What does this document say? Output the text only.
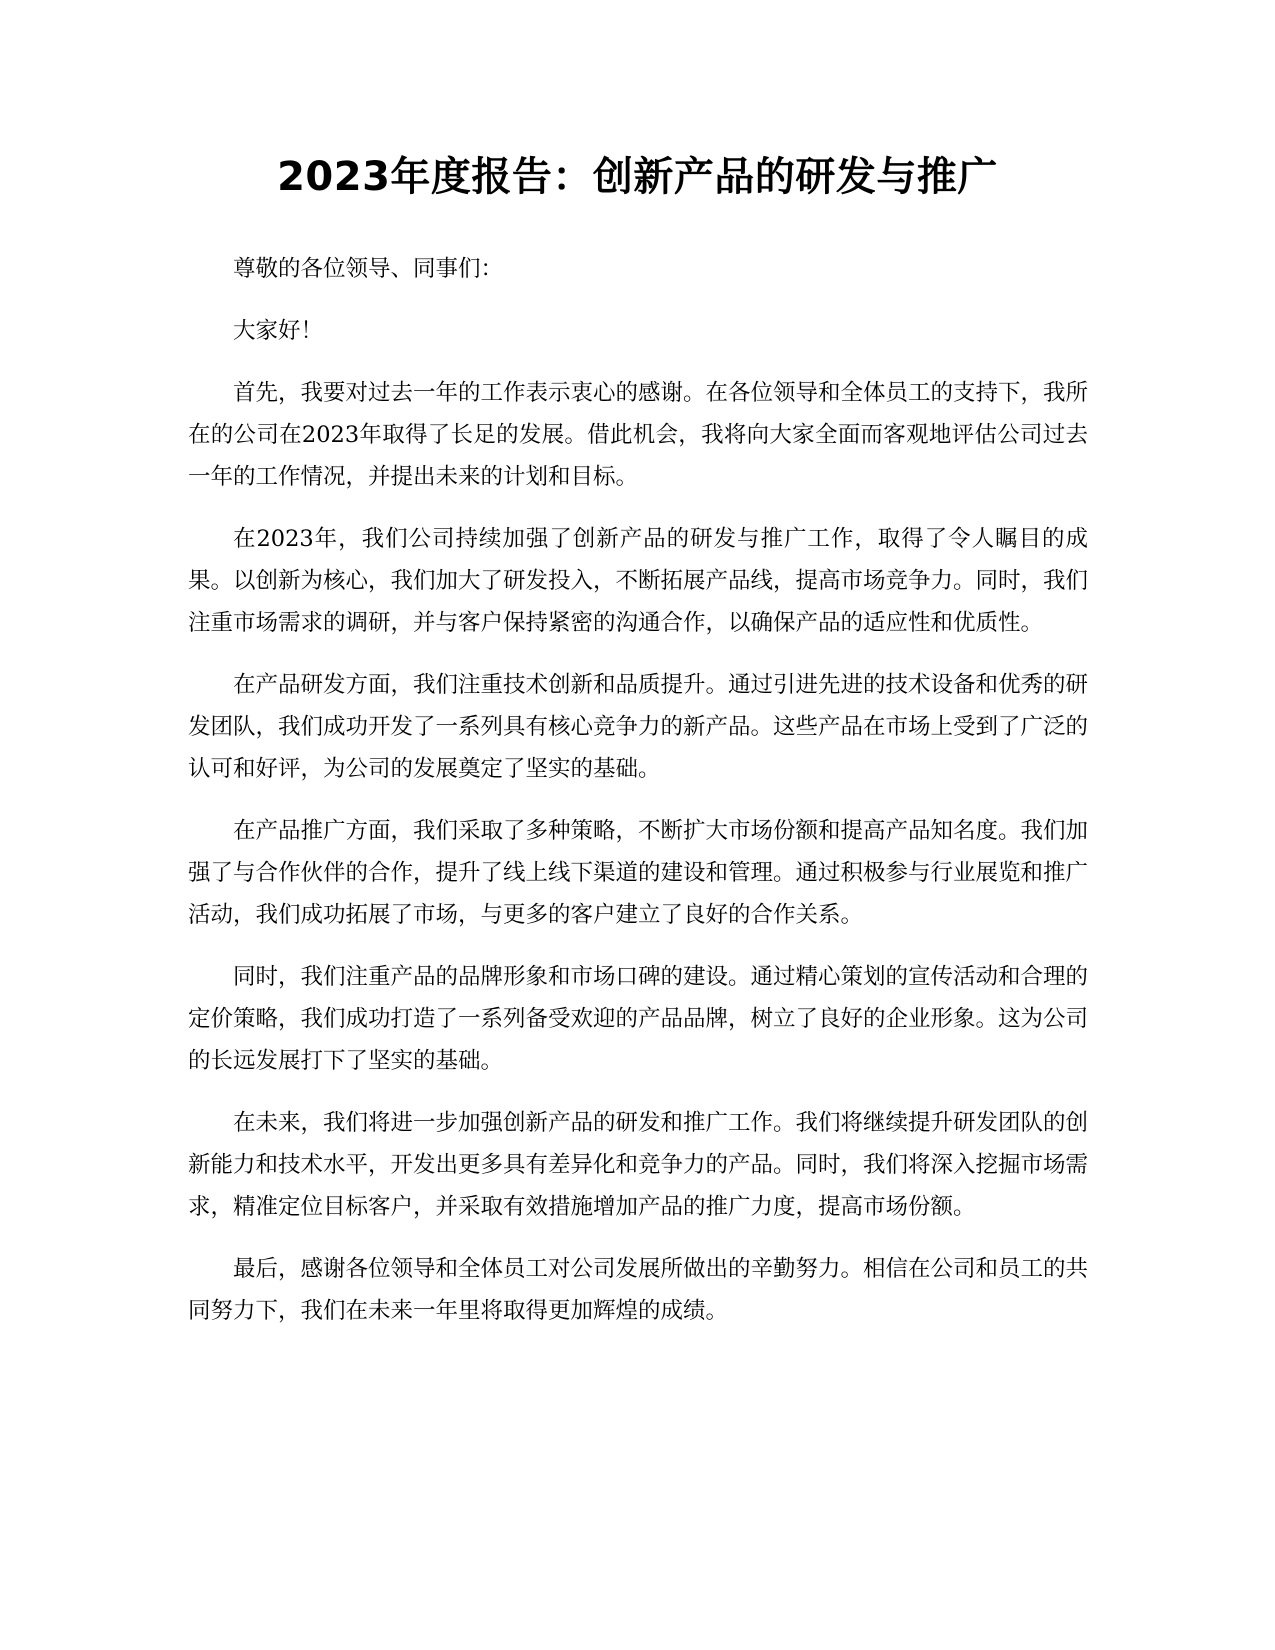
2023年度报告：创新产品的研发与推广

尊敬的各位领导、同事们：

大家好！

首先，我要对过去一年的工作表示衷心的感谢。在各位领导和全体员工的支持下，我所在的公司在2023年取得了长足的发展。借此机会，我将向大家全面而客观地评估公司过去一年的工作情况，并提出未来的计划和目标。

在2023年，我们公司持续加强了创新产品的研发与推广工作，取得了令人瞩目的成果。以创新为核心，我们加大了研发投入，不断拓展产品线，提高市场竞争力。同时，我们注重市场需求的调研，并与客户保持紧密的沟通合作，以确保产品的适应性和优质性。

在产品研发方面，我们注重技术创新和品质提升。通过引进先进的技术设备和优秀的研发团队，我们成功开发了一系列具有核心竞争力的新产品。这些产品在市场上受到了广泛的认可和好评，为公司的发展奠定了坚实的基础。

在产品推广方面，我们采取了多种策略，不断扩大市场份额和提高产品知名度。我们加强了与合作伙伴的合作，提升了线上线下渠道的建设和管理。通过积极参与行业展览和推广活动，我们成功拓展了市场，与更多的客户建立了良好的合作关系。

同时，我们注重产品的品牌形象和市场口碑的建设。通过精心策划的宣传活动和合理的定价策略，我们成功打造了一系列备受欢迎的产品品牌，树立了良好的企业形象。这为公司的长远发展打下了坚实的基础。

在未来，我们将进一步加强创新产品的研发和推广工作。我们将继续提升研发团队的创新能力和技术水平，开发出更多具有差异化和竞争力的产品。同时，我们将深入挖掘市场需求，精准定位目标客户，并采取有效措施增加产品的推广力度，提高市场份额。

最后，感谢各位领导和全体员工对公司发展所做出的辛勤努力。相信在公司和员工的共同努力下，我们在未来一年里将取得更加辉煌的成绩。
